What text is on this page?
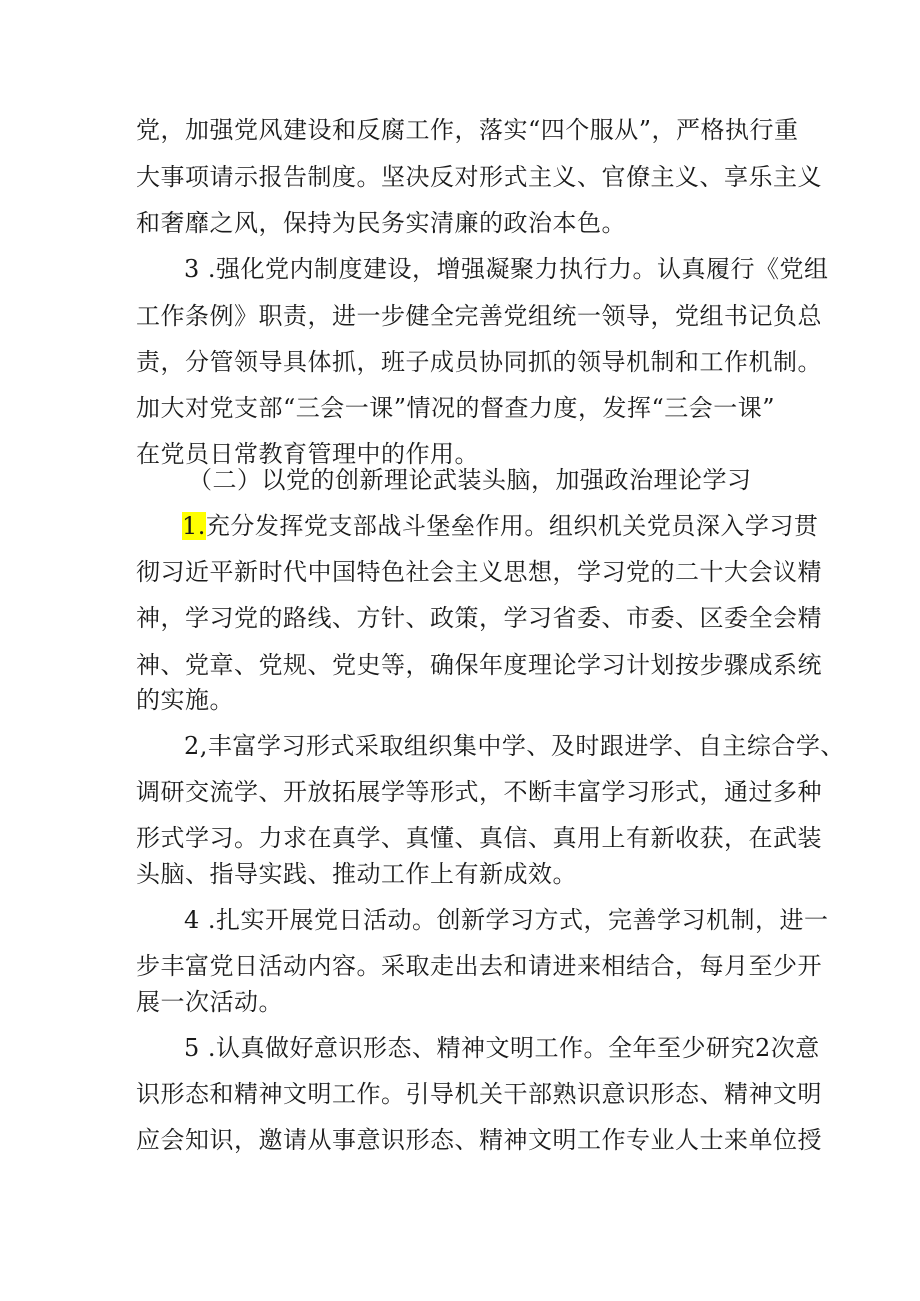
党，加强党风建设和反腐工作，落实“四个服从”，严格执行重
大事项请示报告制度。坚决反对形式主义、官僚主义、享乐主义
和奢靡之风，保持为民务实清廉的政治本色。
3 .强化党内制度建设，增强凝聚力执行力。认真履行《党组
工作条例》职责，进一步健全完善党组统一领导，党组书记负总
责，分管领导具体抓，班子成员协同抓的领导机制和工作机制。
加大对党支部“三会一课”情况的督查力度，发挥“三会一课”
在党员日常教育管理中的作用。
（二）以党的创新理论武装头脑，加强政治理论学习
1.充分发挥党支部战斗堡垒作用。组织机关党员深入学习贯
彻习近平新时代中国特色社会主义思想，学习党的二十大会议精
神，学习党的路线、方针、政策，学习省委、市委、区委全会精
神、党章、党规、党史等，确保年度理论学习计划按步骤成系统
的实施。
2,丰富学习形式采取组织集中学、及时跟进学、自主综合学、
调研交流学、开放拓展学等形式，不断丰富学习形式，通过多种
形式学习。力求在真学、真懂、真信、真用上有新收获，在武装
头脑、指导实践、推动工作上有新成效。
4 .扎实开展党日活动。创新学习方式，完善学习机制，进一
步丰富党日活动内容。采取走出去和请进来相结合，每月至少开
展一次活动。
5 .认真做好意识形态、精神文明工作。全年至少研究2次意
识形态和精神文明工作。引导机关干部熟识意识形态、精神文明
应会知识，邀请从事意识形态、精神文明工作专业人士来单位授
